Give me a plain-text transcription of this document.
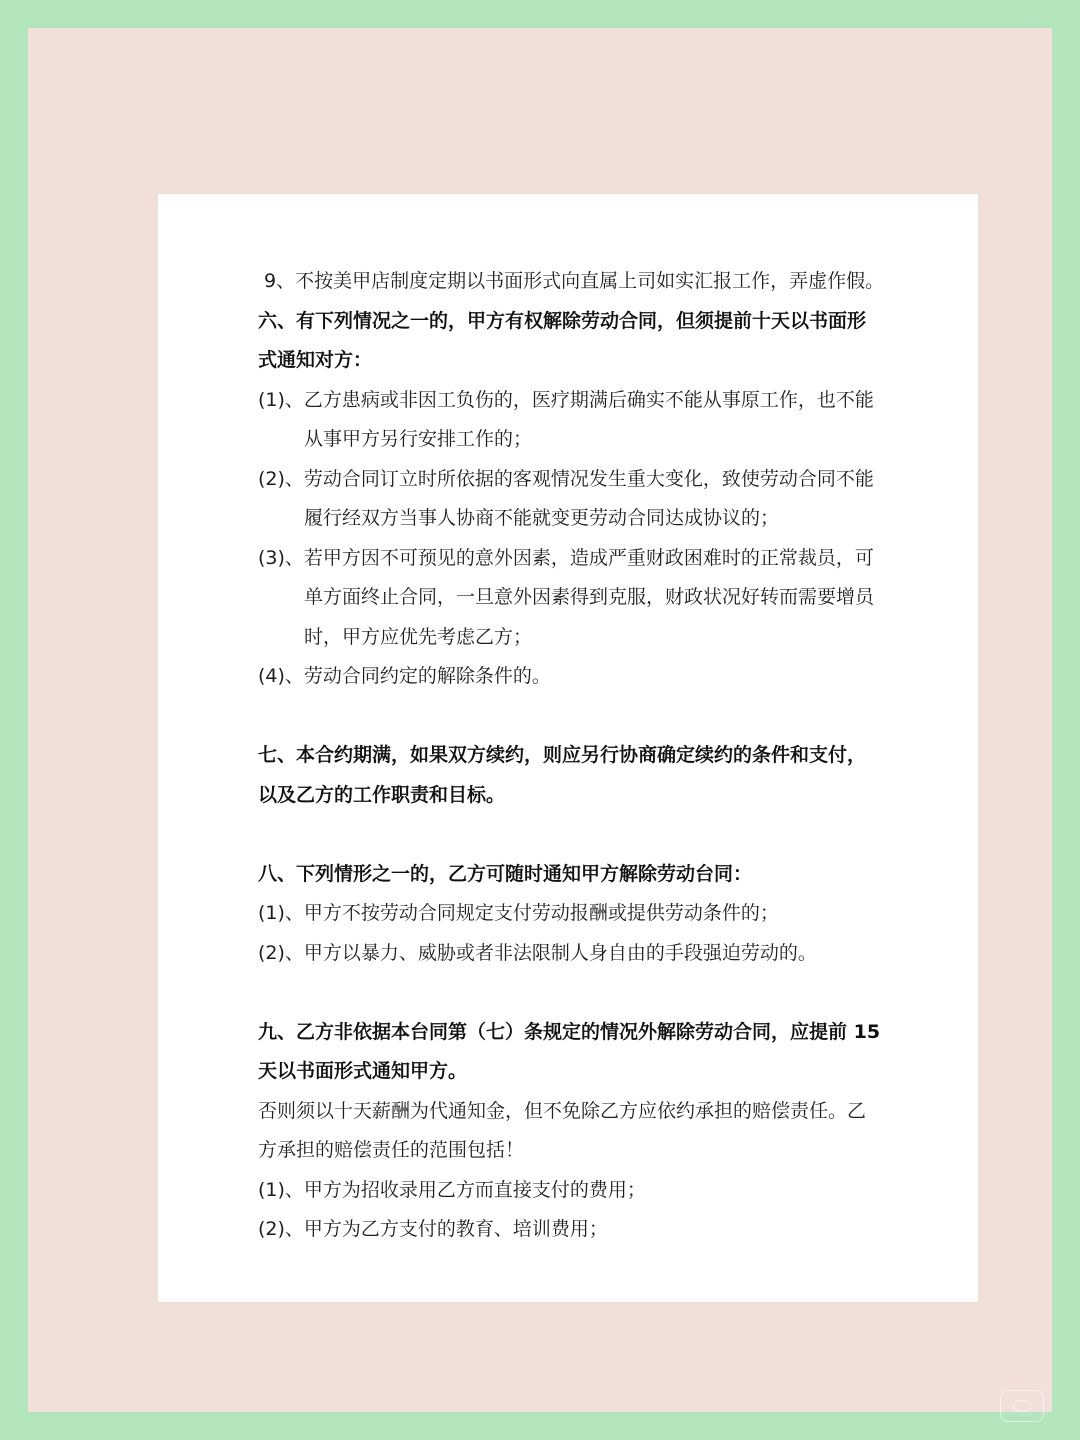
9、不按美甲店制度定期以书面形式向直属上司如实汇报工作，弄虚作假。
六、有下列情况之一的，甲方有权解除劳动合同，但须提前十天以书面形
式通知对方：
(1)、乙方患病或非因工负伤的，医疗期满后确实不能从事原工作，也不能
从事甲方另行安排工作的；
(2)、劳动合同订立时所依据的客观情况发生重大变化，致使劳动合同不能
履行经双方当事人协商不能就变更劳动合同达成协议的；
(3)、若甲方因不可预见的意外因素，造成严重财政困难时的正常裁员，可
单方面终止合同，一旦意外因素得到克服，财政状况好转而需要增员
时，甲方应优先考虑乙方；
(4)、劳动合同约定的解除条件的。
七、本合约期满，如果双方续约，则应另行协商确定续约的条件和支付，
以及乙方的工作职责和目标。
八、下列情形之一的，乙方可随时通知甲方解除劳动台同：
(1)、甲方不按劳动合同规定支付劳动报酬或提供劳动条件的；
(2)、甲方以暴力、威胁或者非法限制人身自由的手段强迫劳动的。
九、乙方非依据本台同第（七）条规定的情况外解除劳动合同，应提前 15
天以书面形式通知甲方。
否则须以十天薪酬为代通知金，但不免除乙方应依约承担的赔偿责任。乙
方承担的赔偿责任的范围包括！
(1)、甲方为招收录用乙方而直接支付的费用；
(2)、甲方为乙方支付的教育、培训费用；
